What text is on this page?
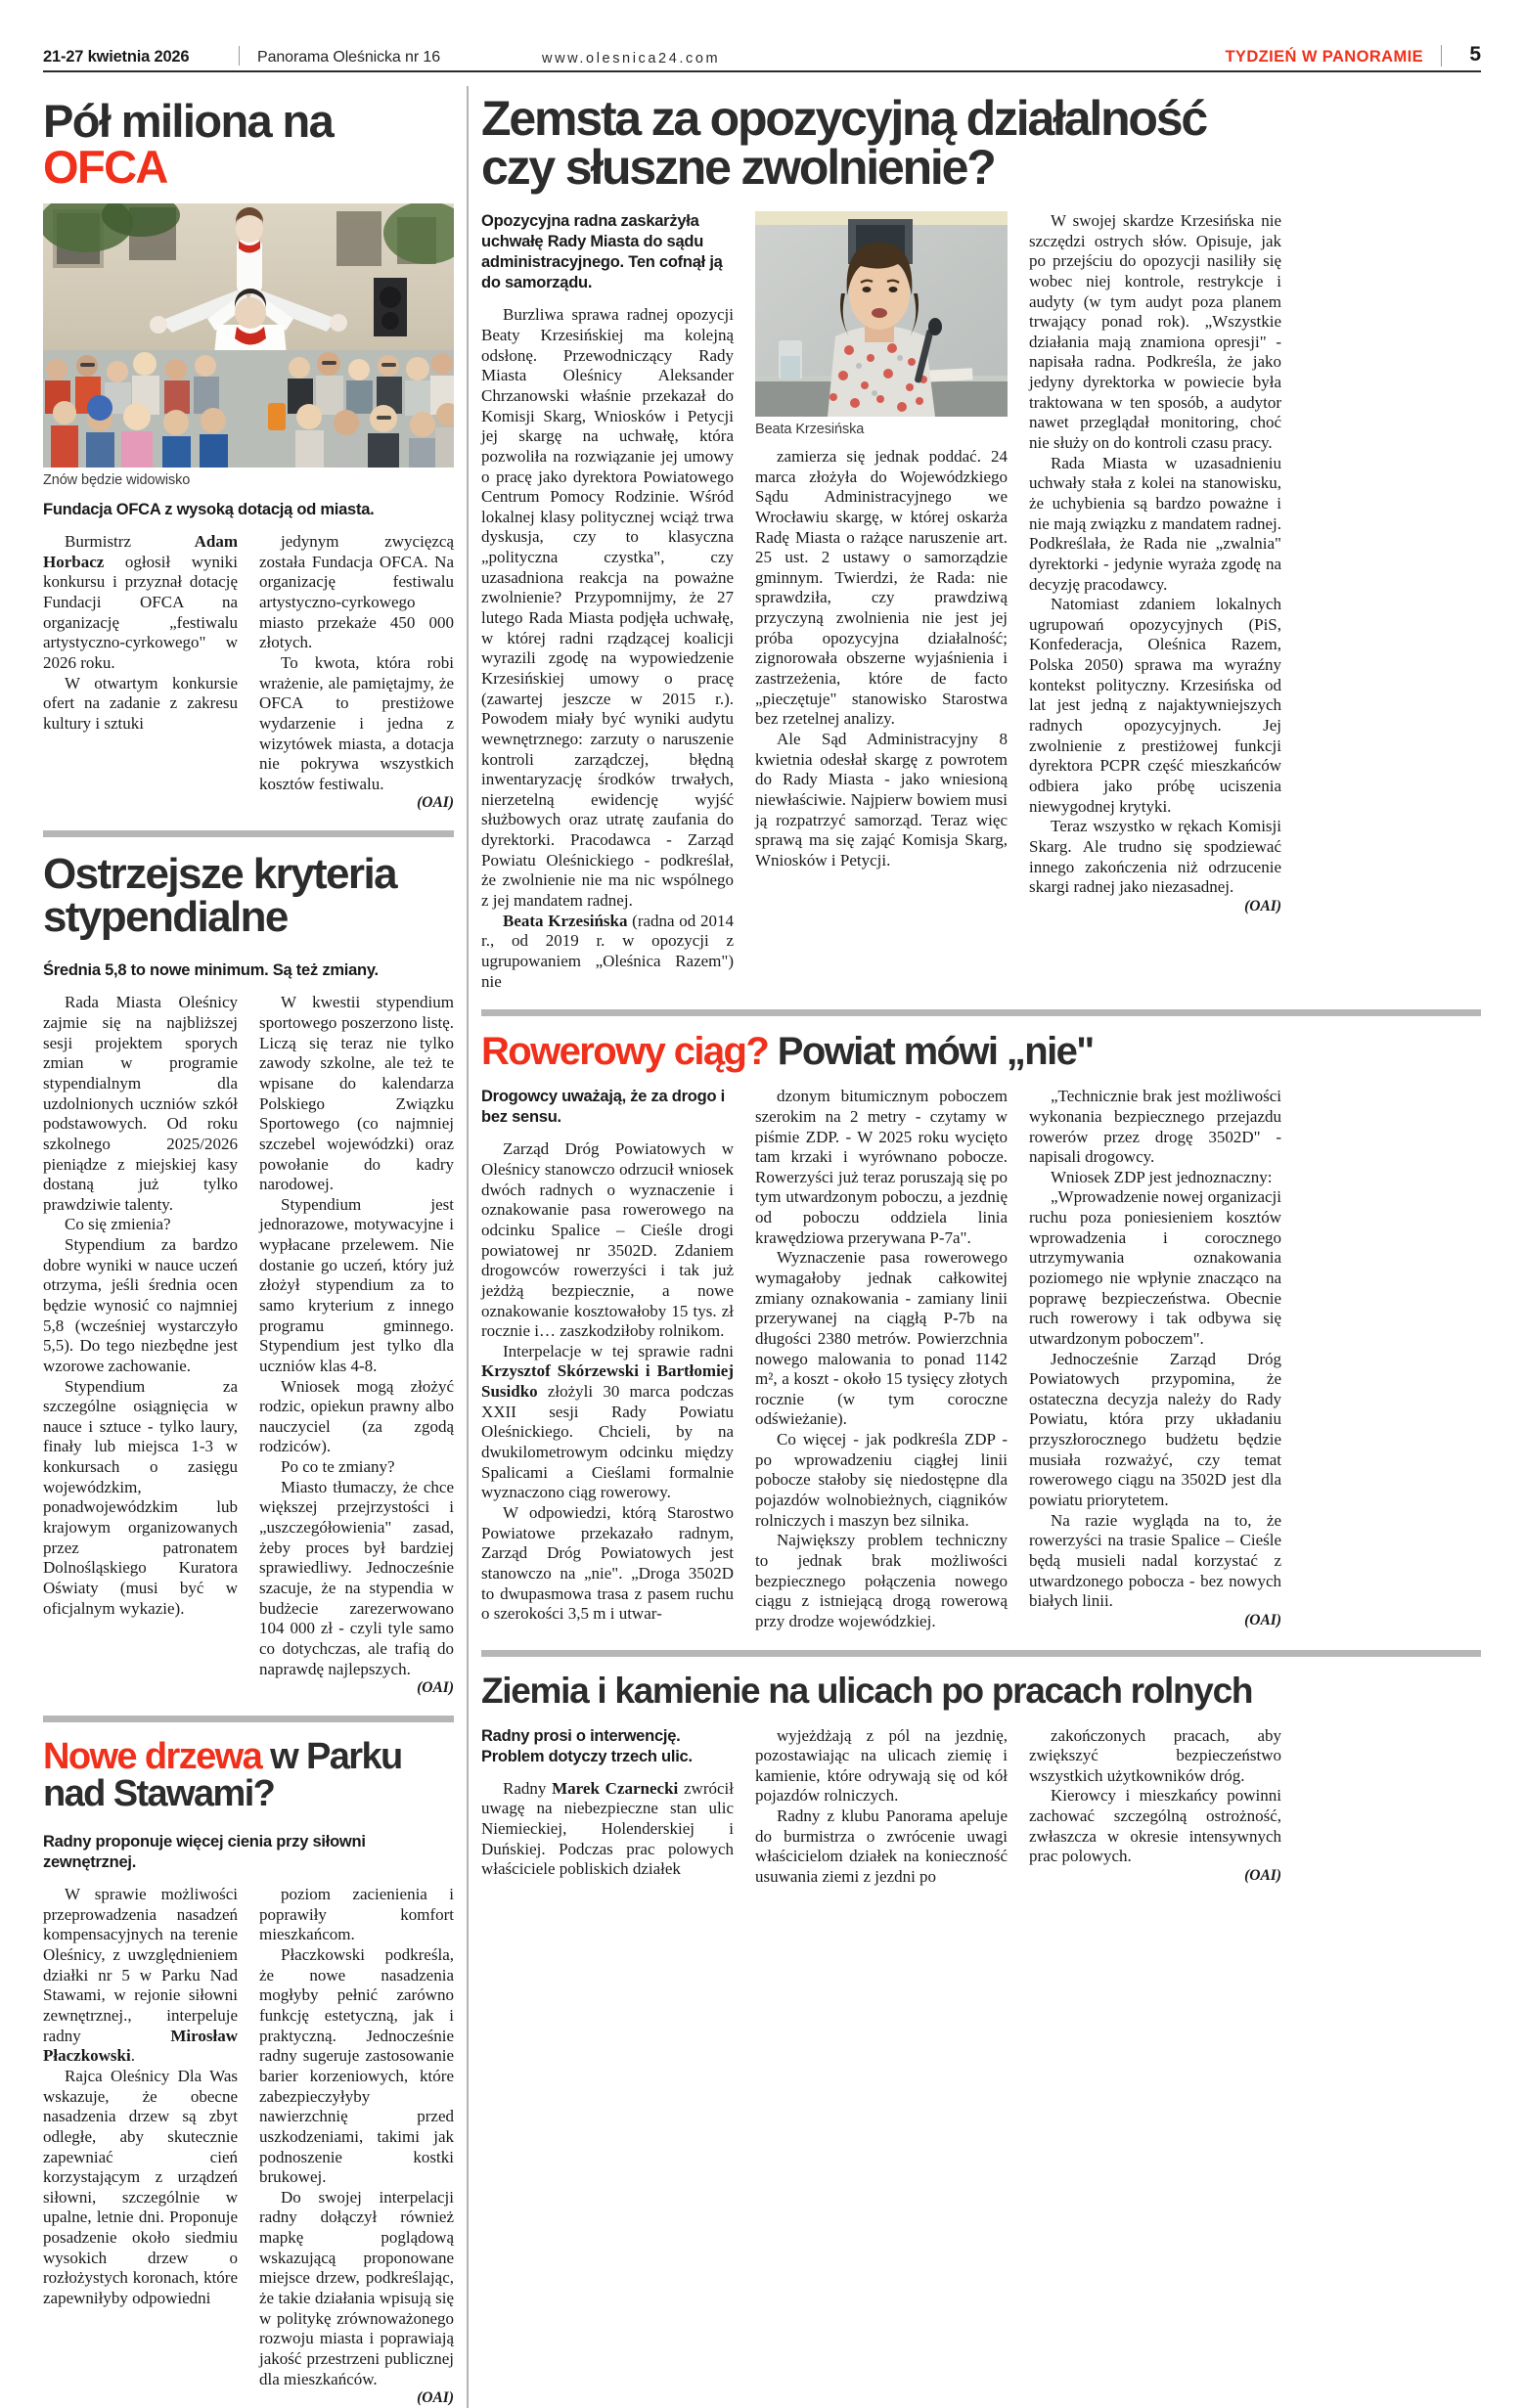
21-27 kwietnia 2026	Panorama Oleśnicka nr 16	www.olesnica24.com	TYDZIEŃ W PANORAMIE	5
Pół miliona na OFCA
Znów będzie widowisko
Fundacja OFCA z wysoką dotacją od miasta.

Burmistrz Adam Horbacz ogłosił wyniki konkursu i przyznał dotację Fundacji OFCA na organizację „festiwalu artystyczno-cyrkowego" w 2026 roku.

W otwartym konkursie ofert na zadanie z zakresu kultury i sztuki

jedynym zwycięzcą została Fundacja OFCA. Na organizację festiwalu artystyczno-cyrkowego miasto przekaże 450 000 złotych.

To kwota, która robi wrażenie, ale pamiętajmy, że OFCA to prestiżowe wydarzenie i jedna z wizytówek miasta, a dotacja nie pokrywa wszystkich kosztów festiwalu.

(OAI)

Ostrzejsze kryteria
stypendialne
Średnia 5,8 to nowe minimum. Są też zmiany.

Rada Miasta Oleśnicy zajmie się na najbliższej sesji projektem sporych zmian w programie stypendialnym dla uzdolnionych uczniów szkół podstawowych. Od roku szkolnego 2025/2026 pieniądze z miejskiej kasy dostaną już tylko prawdziwie talenty.

Co się zmienia?

Stypendium za bardzo dobre wyniki w nauce uczeń otrzyma, jeśli średnia ocen będzie wynosić co najmniej 5,8 (wcześniej wystarczyło 5,5). Do tego niezbędne jest wzorowe zachowanie.

Stypendium za szczególne osiągnięcia w nauce i sztuce - tylko laury, finały lub miejsca 1-3 w konkursach o zasięgu wojewódzkim, ponadwojewódzkim lub krajowym organizowanych przez patronatem Dolnośląskiego Kuratora Oświaty (musi być w oficjalnym wykazie).

W kwestii stypendium sportowego poszerzono listę. Liczą się teraz nie tylko zawody szkolne, ale też te wpisane do kalendarza Polskiego Związku Sportowego (co najmniej szczebel wojewódzki) oraz powołanie do kadry narodowej.

Stypendium jest jednorazowe, motywacyjne i wypłacane przelewem. Nie dostanie go uczeń, który już złożył stypendium za to samo kryterium z innego programu gminnego. Stypendium jest tylko dla uczniów klas 4-8.

Wniosek mogą złożyć rodzic, opiekun prawny albo nauczyciel (za zgodą rodziców).

Po co te zmiany?

Miasto tłumaczy, że chce większej przejrzystości i „uszczegółowienia" zasad, żeby proces był bardziej sprawiedliwy. Jednocześnie szacuje, że na stypendia w budżecie zarezerwowano 104 000 zł - czyli tyle samo co dotychczas, ale trafią do naprawdę najlepszych.

(OAI)

Nowe drzewa w Parku
nad Stawami?
Radny proponuje więcej cienia przy siłowni zewnętrznej.

W sprawie możliwości przeprowadzenia nasadzeń kompensacyjnych na terenie Oleśnicy, z uwzględnieniem działki nr 5 w Parku Nad Stawami, w rejonie siłowni zewnętrznej., interpeluje radny Mirosław Płaczkowski.

Rajca Oleśnicy Dla Was wskazuje, że obecne nasadzenia drzew są zbyt odległe, aby skutecznie zapewniać cień korzystającym z urządzeń siłowni, szczególnie w upalne, letnie dni. Proponuje posadzenie około siedmiu wysokich drzew o rozłożystych koronach, które zapewniłyby odpowiedni

poziom zacienienia i poprawiły komfort mieszkańcom.

Płaczkowski podkreśla, że nowe nasadzenia mogłyby pełnić zarówno funkcję estetyczną, jak i praktyczną. Jednocześnie radny sugeruje zastosowanie barier korzeniowych, które zabezpieczyłyby nawierzchnię przed uszkodzeniami, takimi jak podnoszenie kostki brukowej.

Do swojej interpelacji radny dołączył również mapkę poglądową wskazującą proponowane miejsce drzew, podkreślając, że takie działania wpisują się w politykę zrównoważonego rozwoju miasta i poprawiają jakość przestrzeni publicznej dla mieszkańców.

(OAI)

Zemsta za opozycyjną działalność
czy słuszne zwolnienie?
Opozycyjna radna zaskarżyła uchwałę Rady Miasta do sądu administracyjnego. Ten cofnął ją do samorządu.

Burzliwa sprawa radnej opozycji Beaty Krzesińskiej ma kolejną odsłonę. Przewodniczący Rady Miasta Oleśnicy Aleksander Chrzanowski właśnie przekazał do Komisji Skarg, Wniosków i Petycji jej skargę na uchwałę, która pozwoliła na rozwiązanie jej umowy o pracę jako dyrektora Powiatowego Centrum Pomocy Rodzinie. Wśród lokalnej klasy politycznej wciąż trwa dyskusja, czy to klasyczna „polityczna czystka", czy uzasadniona reakcja na poważne zwolnienie? Przypomnijmy, że 27 lutego Rada Miasta podjęła uchwałę, w której radni rządzącej koalicji wyrazili zgodę na wypowiedzenie Krzesińskiej umowy o pracę (zawartej jeszcze w 2015 r.). Powodem miały być wyniki audytu wewnętrznego: zarzuty o naruszenie kontroli zarządczej, błędną inwentaryzację środków trwałych, nierzetelną ewidencję wyjść służbowych oraz utratę zaufania do dyrektorki. Pracodawca - Zarząd Powiatu Oleśnickiego - podkreślał, że zwolnienie nie ma nic wspólnego z jej mandatem radnej.

Beata Krzesińska (radna od 2014 r., od 2019 r. w opozycji z ugrupowaniem „Oleśnica Razem") nie

Beata Krzesińska

zamierza się jednak poddać. 24 marca złożyła do Wojewódzkiego Sądu Administracyjnego we Wrocławiu skargę, w której oskarża Radę Miasta o rażące naruszenie art. 25 ust. 2 ustawy o samorządzie gminnym. Twierdzi, że Rada: nie sprawdziła, czy prawdziwą przyczyną zwolnienia nie jest jej próba opozycyjna działalność; zignorowała obszerne wyjaśnienia i zastrzeżenia, które de facto „pieczętuje" stanowisko Starostwa bez rzetelnej analizy.

Ale Sąd Administracyjny 8 kwietnia odesłał skargę z powrotem do Rady Miasta - jako wniesioną niewłaściwie. Najpierw bowiem musi ją rozpatrzyć samorząd. Teraz więc sprawą ma się zająć Komisja Skarg, Wniosków i Petycji.

W swojej skardze Krzesińska nie szczędzi ostrych słów. Opisuje, jak po przejściu do opozycji nasiliły się wobec niej kontrole, restrykcje i audyty (w tym audyt poza planem trwający ponad rok). „Wszystkie działania mają znamiona opresji" - napisała radna. Podkreśla, że jako jedyny dyrektorka w powiecie była traktowana w ten sposób, a audytor nawet przeglądał monitoring, choć nie służy on do kontroli czasu pracy.

Rada Miasta w uzasadnieniu uchwały stała z kolei na stanowisku, że uchybienia są bardzo poważne i nie mają związku z mandatem radnej. Podkreślała, że Rada nie „zwalnia" dyrektorki - jedynie wyraża zgodę na decyzję pracodawcy.

Natomiast zdaniem lokalnych ugrupowań opozycyjnych (PiS, Konfederacja, Oleśnica Razem, Polska 2050) sprawa ma wyraźny kontekst polityczny. Krzesińska od lat jest jedną z najaktywniejszych radnych opozycyjnych. Jej zwolnienie z prestiżowej funkcji dyrektora PCPR część mieszkańców odbiera jako próbę uciszenia niewygodnej krytyki.

Teraz wszystko w rękach Komisji Skarg. Ale trudno się spodziewać innego zakończenia niż odrzucenie skargi radnej jako niezasadnej.

(OAI)

Rowerowy ciąg? Powiat mówi „nie"
Drogowcy uważają, że za drogo i bez sensu.

Zarząd Dróg Powiatowych w Oleśnicy stanowczo odrzucił wniosek dwóch radnych o wyznaczenie i oznakowanie pasa rowerowego na odcinku Spalice – Cieśle drogi powiatowej nr 3502D. Zdaniem drogowców rowerzyści i tak już jeżdżą bezpiecznie, a nowe oznakowanie kosztowałoby 15 tys. zł rocznie i… zaszkodziłoby rolnikom.

Interpelacje w tej sprawie radni Krzysztof Skórzewski i Bartłomiej Susidko złożyli 30 marca podczas XXII sesji Rady Powiatu Oleśnickiego. Chcieli, by na dwukilometrowym odcinku między Spalicami a Cieślami formalnie wyznaczono ciąg rowerowy.

W odpowiedzi, którą Starostwo Powiatowe przekazało radnym, Zarząd Dróg Powiatowych jest stanowczo na „nie". „Droga 3502D to dwupasmowa trasa z pasem ruchu o szerokości 3,5 m i utwar-

dzonym bitumicznym poboczem szerokim na 2 metry - czytamy w piśmie ZDP. - W 2025 roku wycięto tam krzaki i wyrównano pobocze. Rowerzyści już teraz poruszają się po tym utwardzonym poboczu, a jezdnię od poboczu oddziela linia krawędziowa przerywana P-7a".

Wyznaczenie pasa rowerowego wymagałoby jednak całkowitej zmiany oznakowania - zamiany linii przerywanej na ciągłą P-7b na długości 2380 metrów. Powierzchnia nowego malowania to ponad 1142 m², a koszt - około 15 tysięcy złotych rocznie (w tym coroczne odświeżanie).

Co więcej - jak podkreśla ZDP - po wprowadzeniu ciągłej linii pobocze stałoby się niedostępne dla pojazdów wolnobieżnych, ciągników rolniczych i maszyn bez silnika.

Największy problem techniczny to jednak brak możliwości bezpiecznego połączenia nowego ciągu z istniejącą drogą rowerową przy drodze wojewódzkiej.

„Technicznie brak jest możliwości wykonania bezpiecznego przejazdu rowerów przez drogę 3502D" - napisali drogowcy.

Wniosek ZDP jest jednoznaczny:

„Wprowadzenie nowej organizacji ruchu poza poniesieniem kosztów wprowadzenia i corocznego utrzymywania oznakowania poziomego nie wpłynie znacząco na poprawę bezpieczeństwa. Obecnie ruch rowerowy i tak odbywa się utwardzonym poboczem".

Jednocześnie Zarząd Dróg Powiatowych przypomina, że ostateczna decyzja należy do Rady Powiatu, która przy układaniu przyszłorocznego budżetu będzie musiała rozważyć, czy temat rowerowego ciągu na 3502D jest dla powiatu priorytetem.

Na razie wygląda na to, że rowerzyści na trasie Spalice – Cieśle będą musieli nadal korzystać z utwardzonego pobocza - bez nowych białych linii.

(OAI)

Ziemia i kamienie na ulicach po pracach rolnych
Radny prosi o interwencję. Problem dotyczy trzech ulic.

Radny Marek Czarnecki zwrócił uwagę na niebezpieczne stan ulic Niemieckiej, Holenderskiej i Duńskiej. Podczas prac polowych właściciele pobliskich działek

wyjeżdżają z pól na jezdnię, pozostawiając na ulicach ziemię i kamienie, które odrywają się od kół pojazdów rolniczych.

Radny z klubu Panorama apeluje do burmistrza o zwrócenie uwagi właścicielom działek na konieczność usuwania ziemi z jezdni po

zakończonych pracach, aby zwiększyć bezpieczeństwo wszystkich użytkowników dróg.

Kierowcy i mieszkańcy powinni zachować szczególną ostrożność, zwłaszcza w okresie intensywnych prac polowych.

(OAI)
